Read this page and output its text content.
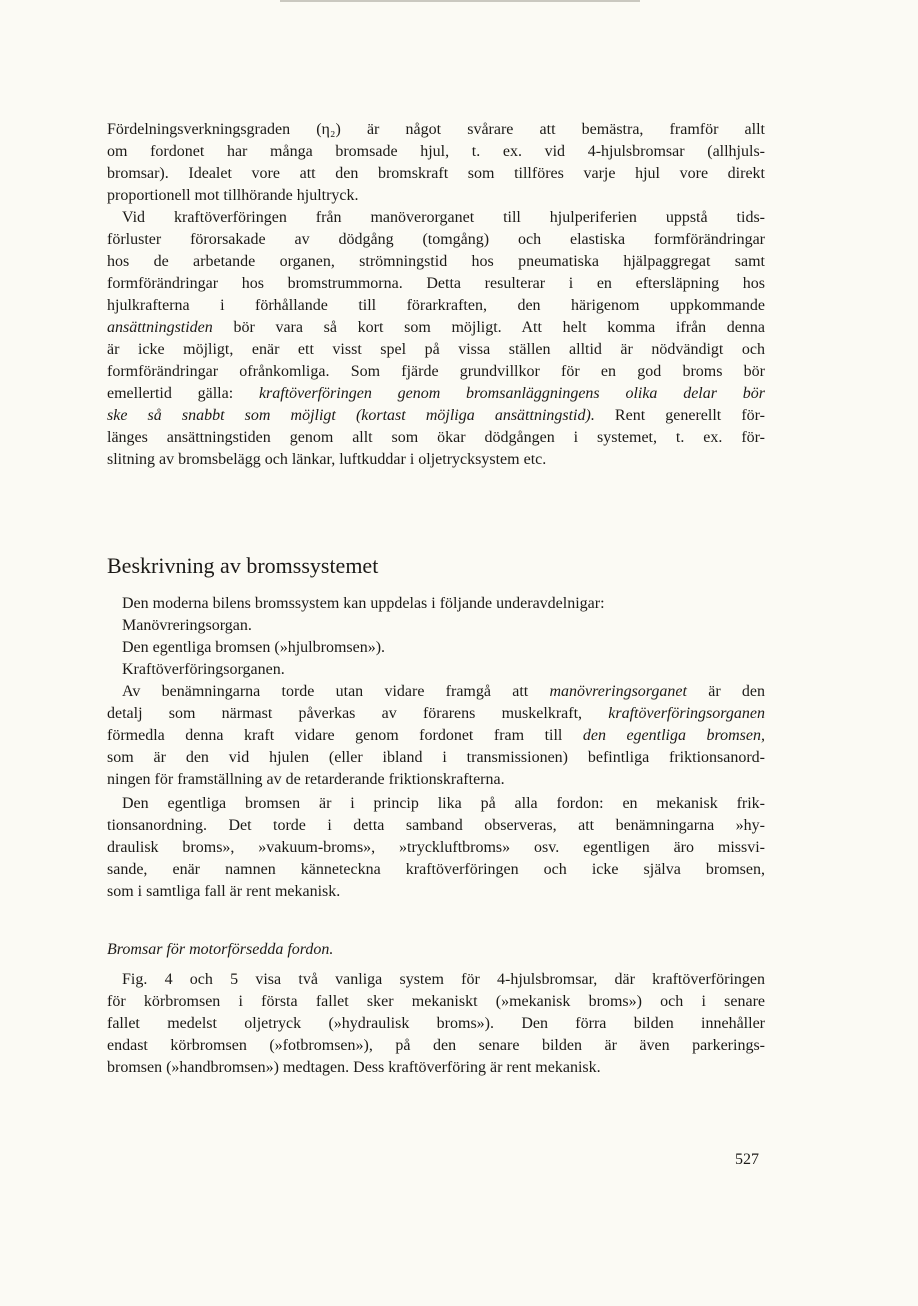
Fördelningsverkningsgraden (η₂) är något svårare att bemästra, framför allt
om fordonet har många bromsade hjul, t. ex. vid 4-hjulsbromsar (allhjuls-
bromsar). Idealet vore att den bromskraft som tillföres varje hjul vore direkt
proportionell mot tillhörande hjultryck.
Vid kraftöverföringen från manöverorganet till hjulperiferien uppstå tids-
förluster förorsakade av dödgång (tomgång) och elastiska formförändringar
hos de arbetande organen, strömningstid hos pneumatiska hjälpaggregat samt
formförändringar hos bromstrummorna. Detta resulterar i en eftersläpning hos
hjulkrafterna i förhållande till förarkraften, den härigenom uppkommande
ansättningstiden bör vara så kort som möjligt. Att helt komma ifrån denna
är icke möjligt, enär ett visst spel på vissa ställen alltid är nödvändigt och
formförändringar ofrånkomliga. Som fjärde grundvillkor för en god broms bör
emellertid gälla: kraftöverföringen genom bromsanläggningens olika delar bör
ske så snabbt som möjligt (kortast möjliga ansättningstid). Rent generellt för-
länges ansättningstiden genom allt som ökar dödgången i systemet, t. ex. för-
slitning av bromsbelägg och länkar, luftkuddar i oljetrycksystem etc.
Den moderna bilens bromssystem kan uppdelas i följande underavdelnigar:
Manövreringsorgan.
Den egentliga bromsen (»hjulbromsen»).
Kraftöverföringsorganen.
Av benämningarna torde utan vidare framgå att manövreringsorganet är den
detalj som närmast påverkas av förarens muskelkraft, kraftöverföringsorganen
förmedla denna kraft vidare genom fordonet fram till den egentliga bromsen,
som är den vid hjulen (eller ibland i transmissionen) befintliga friktionsanord-
ningen för framställning av de retarderande friktionskrafterna.
Den egentliga bromsen är i princip lika på alla fordon: en mekanisk frik-
tionsanordning. Det torde i detta samband observeras, att benämningarna »hy-
draulisk broms», »vakuum-broms», »tryckluftbroms» osv. egentligen äro missvi-
sande, enär namnen känneteckna kraftöverföringen och icke själva bromsen,
som i samtliga fall är rent mekanisk.
Fig. 4 och 5 visa två vanliga system för 4-hjulsbromsar, där kraftöverföringen
för körbromsen i första fallet sker mekaniskt (»mekanisk broms») och i senare
fallet medelst oljetryck (»hydraulisk broms»). Den förra bilden innehåller
endast körbromsen (»fotbromsen»), på den senare bilden är även parkerings-
bromsen (»handbromsen») medtagen. Dess kraftöverföring är rent mekanisk.
Beskrivning av bromssystemet
Bromsar för motorförsedda fordon.
527
